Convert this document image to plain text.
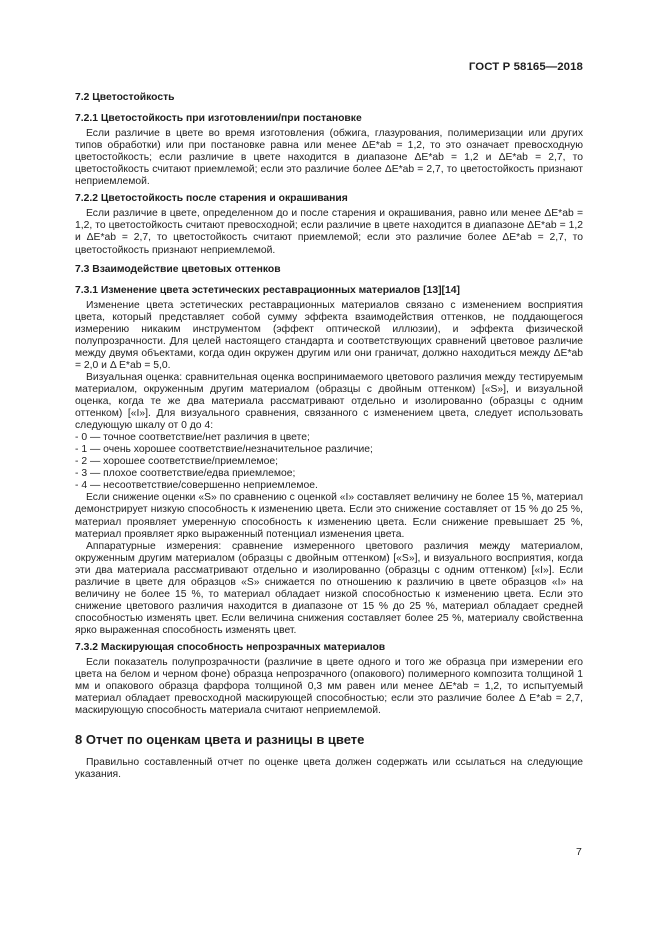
ГОСТ Р 58165—2018
7.2 Цветостойкость
7.2.1 Цветостойкость при изготовлении/при постановке

Если различие в цвете во время изготовления (обжига, глазурования, полимеризации или других типов обработки) или при постановке равна или менее ΔE*ab = 1,2, то это означает превосходную цветостойкость; если различие в цвете находится в диапазоне ΔE*ab = 1,2 и ΔE*ab = 2,7, то цветостойкость считают приемлемой; если это различие более ΔE*ab = 2,7, то цветостойкость признают неприемлемой.

7.2.2 Цветостойкость после старения и окрашивания

Если различие в цвете, определенном до и после старения и окрашивания, равно или менее ΔE*ab = 1,2, то цветостойкость считают превосходной; если различие в цвете находится в диапазоне ΔE*ab = 1,2 и ΔE*ab = 2,7, то цветостойкость считают приемлемой; если это различие более ΔE*ab = 2,7, то цветостойкость признают неприемлемой.

7.3 Взаимодействие цветовых оттенков
7.3.1 Изменение цвета эстетических реставрационных материалов [13][14]

Изменение цвета эстетических реставрационных материалов связано с изменением восприятия цвета, который представляет собой сумму эффекта взаимодействия оттенков, не поддающегося измерению никаким инструментом (эффект оптической иллюзии), и эффекта физической полупрозрачности. Для целей настоящего стандарта и соответствующих сравнений цветовое различие между двумя объектами, когда один окружен другим или они граничат, должно находиться между ΔE*ab = 2,0 и Δ E*ab = 5,0.

Визуальная оценка: сравнительная оценка воспринимаемого цветового различия между тестируемым материалом, окруженным другим материалом (образцы с двойным оттенком) [«S»], и визуальной оценка, когда те же два материала рассматривают отдельно и изолированно (образцы с одним оттенком) [«I»]. Для визуального сравнения, связанного с изменением цвета, следует использовать следующую шкалу от 0 до 4:

- 0 — точное соответствие/нет различия в цвете;
- 1 — очень хорошее соответствие/незначительное различие;
- 2 — хорошее соответствие/приемлемое;
- 3 — плохое соответствие/едва приемлемое;
- 4 — несоответствие/совершенно неприемлемое.

Если снижение оценки «S» по сравнению с оценкой «I» составляет величину не более 15 %, материал демонстрирует низкую способность к изменению цвета. Если это снижение составляет от 15 % до 25 %, материал проявляет умеренную способность к изменению цвета. Если снижение превышает 25 %, материал проявляет ярко выраженный потенциал изменения цвета.

Аппаратурные измерения: сравнение измеренного цветового различия между материалом, окруженным другим материалом (образцы с двойным оттенком) [«S»], и визуального восприятия, когда эти два материала рассматривают отдельно и изолированно (образцы с одним оттенком) [«I»]. Если различие в цвете для образцов «S» снижается по отношению к различию в цвете образцов «I» на величину не более 15 %, то материал обладает низкой способностью к изменению цвета. Если это снижение цветового различия находится в диапазоне от 15 % до 25 %, материал обладает средней способностью изменять цвет. Если величина снижения составляет более 25 %, материалу свойственна ярко выраженная способность изменять цвет.

7.3.2 Маскирующая способность непрозрачных материалов

Если показатель полупрозрачности (различие в цвете одного и того же образца при измерении его цвета на белом и черном фоне) образца непрозрачного (опакового) полимерного композита толщиной 1 мм и опакового образца фарфора толщиной 0,3 мм равен или менее ΔE*ab = 1,2, то испытуемый материал обладает превосходной маскирующей способностью; если это различие более Δ E*ab = 2,7, маскирующую способность материала считают неприемлемой.

8 Отчет по оценкам цвета и разницы в цвете

Правильно составленный отчет по оценке цвета должен содержать или ссылаться на следующие указания.

7
